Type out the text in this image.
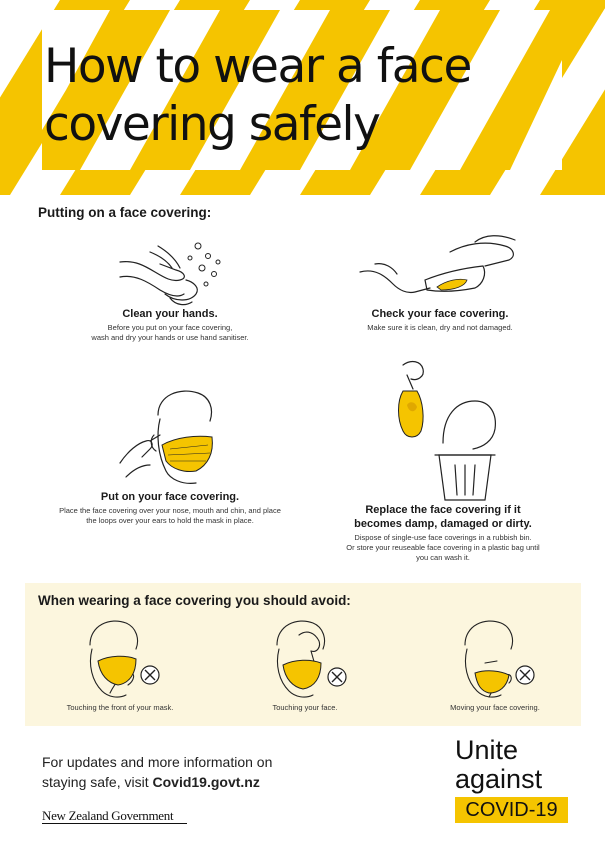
How to wear a face
covering safely
Putting on a face covering:
Clean your hands.

Before you put on your face covering,
wash and dry your hands or use hand sanitiser.

Check your face covering.

Make sure it is clean, dry and not damaged.

Put on your face covering.

Place the face covering over your nose, mouth and chin, and place
the loops over your ears to hold the mask in place.

Replace the face covering if it
becomes damp, damaged or dirty.

Dispose of single-use face coverings in a rubbish bin.
Or store your reuseable face covering in a plastic bag until
you can wash it.

When wearing a face covering you should avoid:
Touching the front of your mask.	Touching your face.	Moving your face covering.
For updates and more information on
staying safe, visit Covid19.govt.nz
New Zealand Government
Unite
against
COVID-19
